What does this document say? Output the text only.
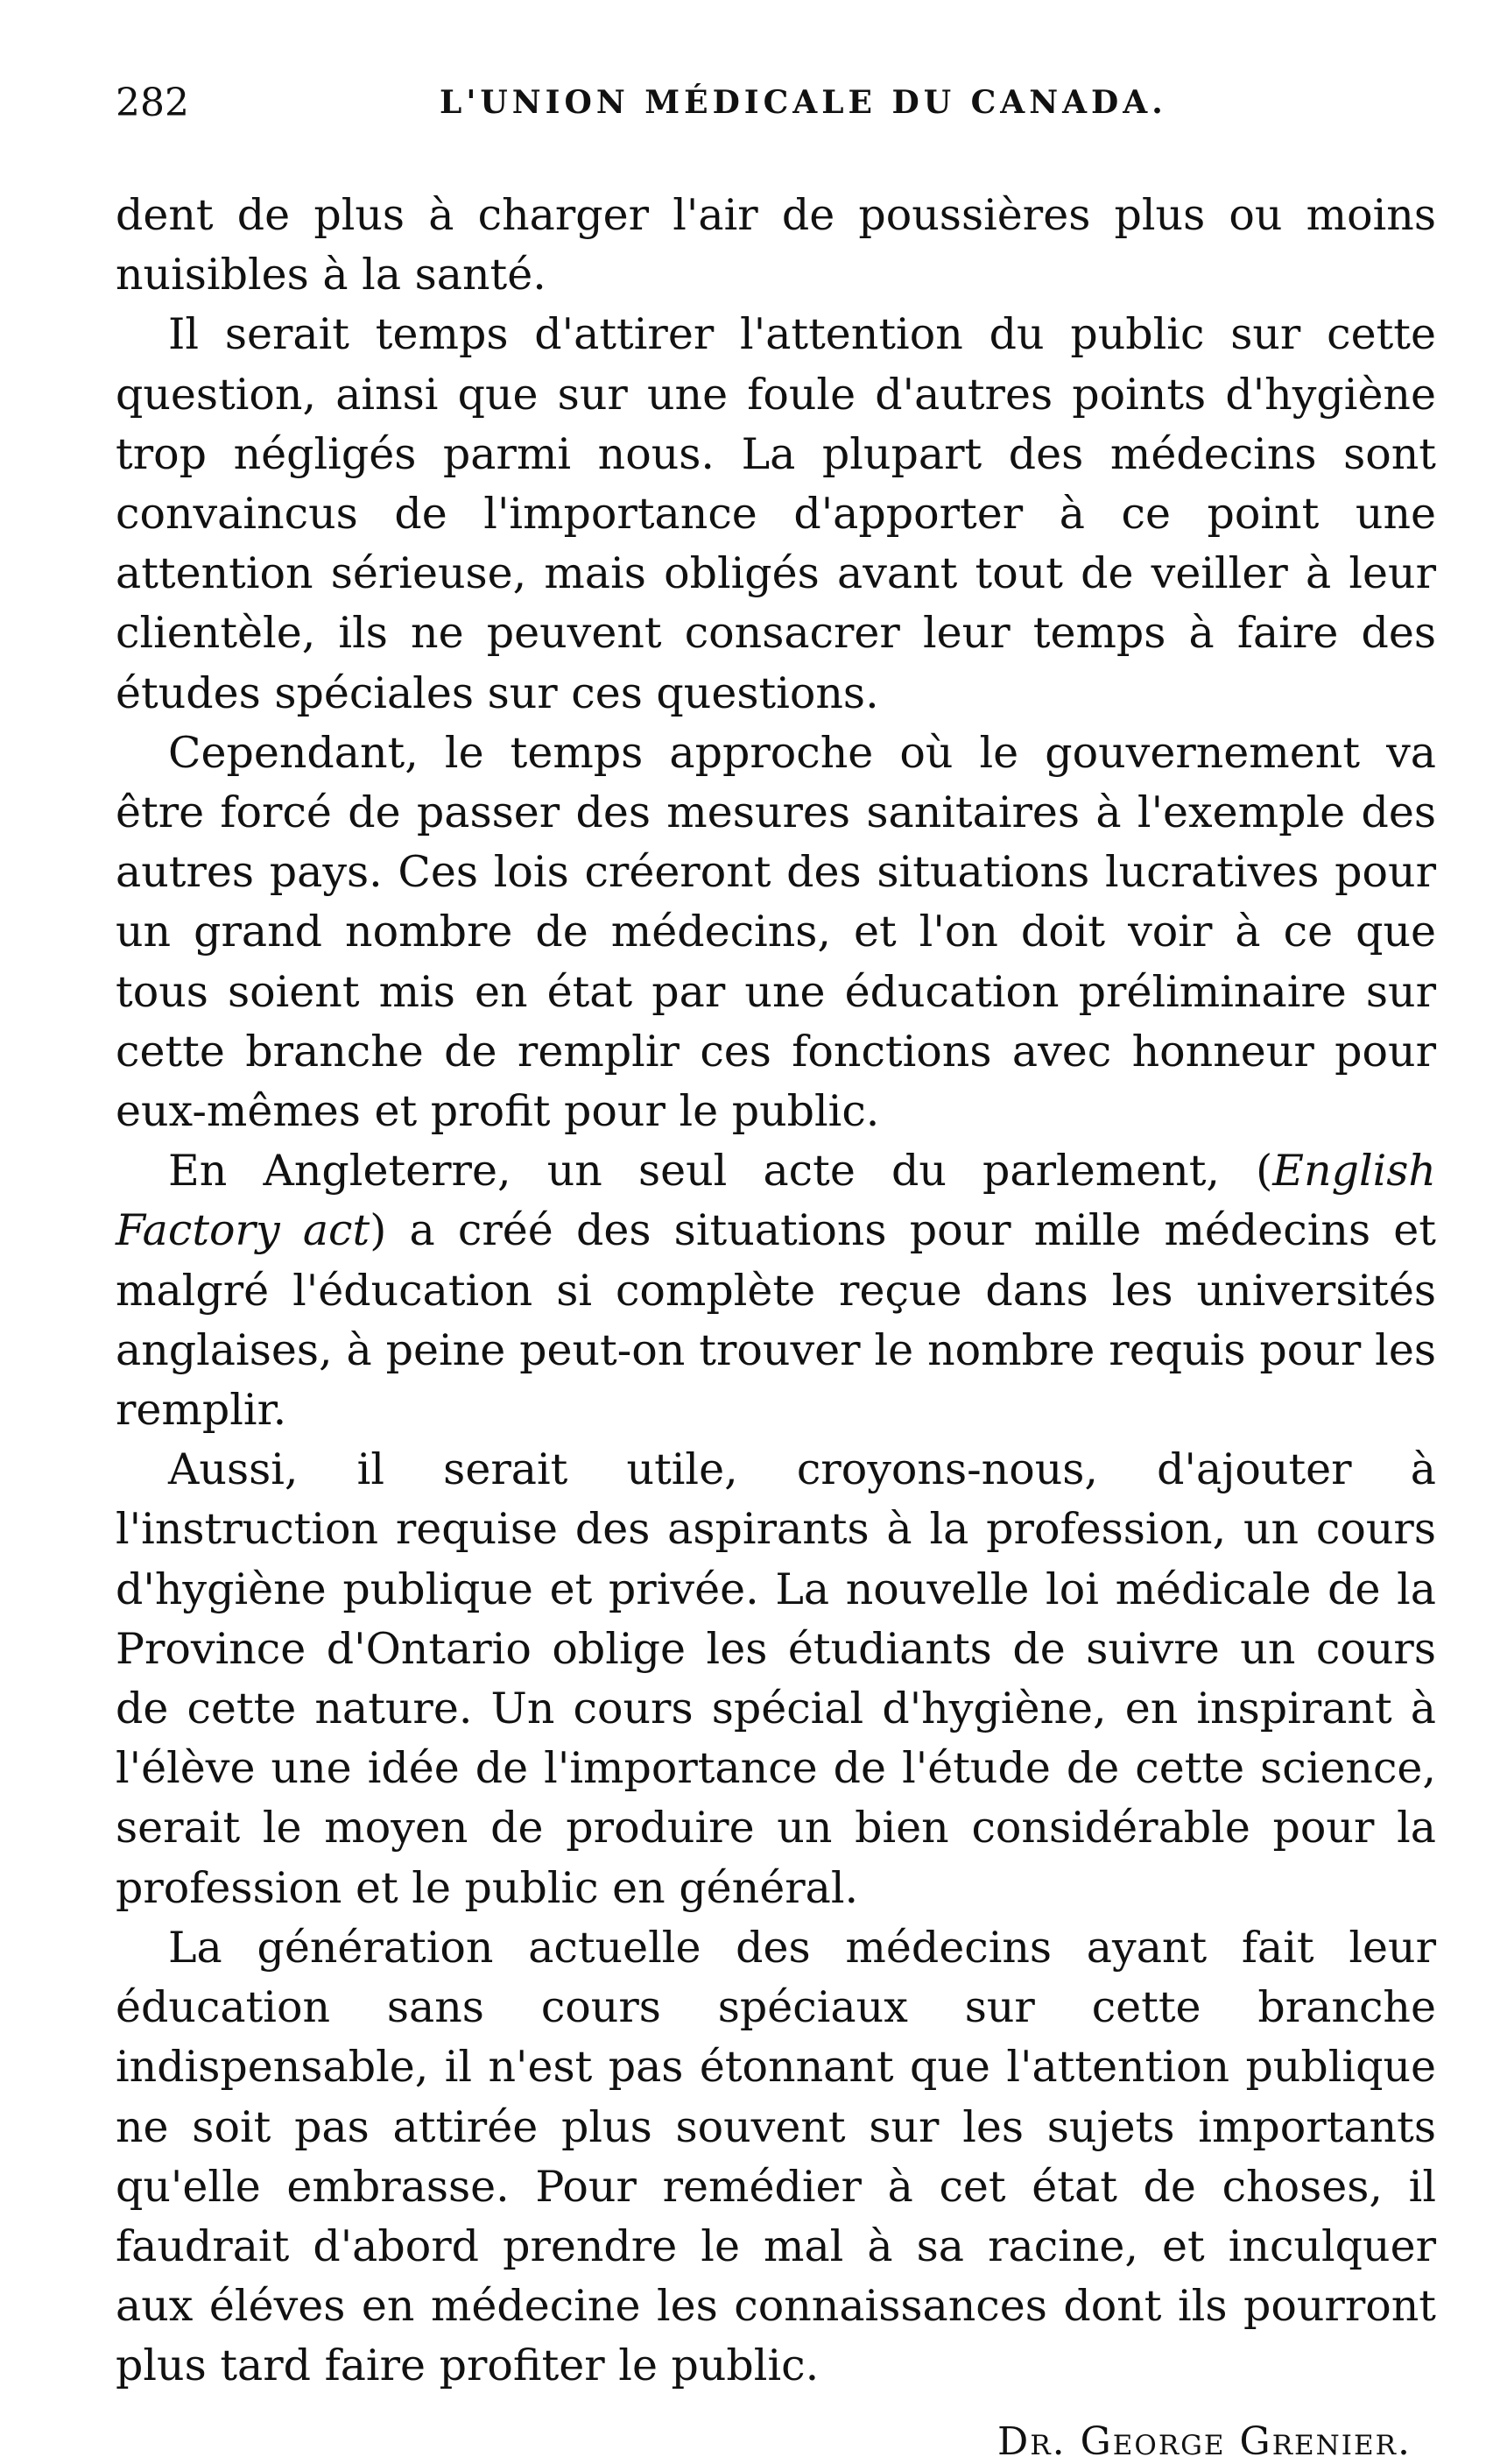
282	L'UNION MÉDICALE DU CANADA.

dent de plus à charger l'air de poussières plus ou moins nuisibles à la santé.

Il serait temps d'attirer l'attention du public sur cette question, ainsi que sur une foule d'autres points d'hygiène trop négligés parmi nous. La plupart des médecins sont convaincus de l'importance d'apporter à ce point une attention sérieuse, mais obligés avant tout de veiller à leur clientèle, ils ne peuvent consacrer leur temps à faire des études spéciales sur ces questions.

Cependant, le temps approche où le gouvernement va être forcé de passer des mesures sanitaires à l'exemple des autres pays. Ces lois créeront des situations lucratives pour un grand nombre de médecins, et l'on doit voir à ce que tous soient mis en état par une éducation préliminaire sur cette branche de remplir ces fonctions avec honneur pour eux-mêmes et profit pour le public.

En Angleterre, un seul acte du parlement, (English Factory act) a créé des situations pour mille médecins et malgré l'éducation si complète reçue dans les universités anglaises, à peine peut-on trouver le nombre requis pour les remplir.

Aussi, il serait utile, croyons-nous, d'ajouter à l'instruction requise des aspirants à la profession, un cours d'hygiène publique et privée. La nouvelle loi médicale de la Province d'Ontario oblige les étudiants de suivre un cours de cette nature. Un cours spécial d'hygiène, en inspirant à l'élève une idée de l'importance de l'étude de cette science, serait le moyen de produire un bien considérable pour la profession et le public en général.

La génération actuelle des médecins ayant fait leur éducation sans cours spéciaux sur cette branche indispensable, il n'est pas étonnant que l'attention publique ne soit pas attirée plus souvent sur les sujets importants qu'elle embrasse. Pour remédier à cet état de choses, il faudrait d'abord prendre le mal à sa racine, et inculquer aux éléves en médecine les connaissances dont ils pourront plus tard faire profiter le public.

Dr. George Grenier.
